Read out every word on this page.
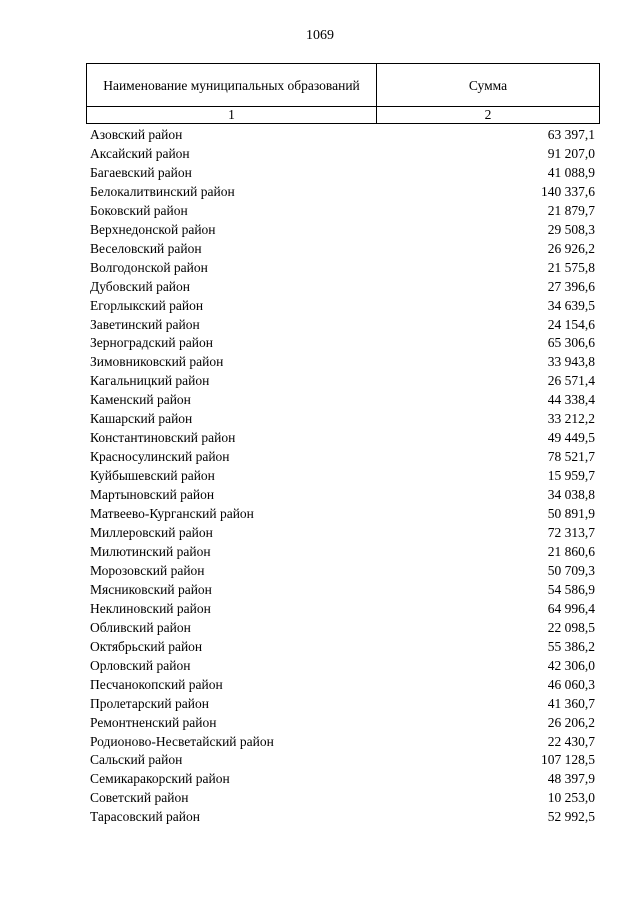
1069
Наименование муниципальных образований	Сумма
1	2
Азовский район	63 397,1
Аксайский район	91 207,0
Багаевский район	41 088,9
Белокалитвинский район	140 337,6
Боковский район	21 879,7
Верхнедонской район	29 508,3
Веселовский район	26 926,2
Волгодонской район	21 575,8
Дубовский район	27 396,6
Егорлыкский район	34 639,5
Заветинский район	24 154,6
Зерноградский район	65 306,6
Зимовниковский район	33 943,8
Кагальницкий район	26 571,4
Каменский район	44 338,4
Кашарский район	33 212,2
Константиновский район	49 449,5
Красносулинский район	78 521,7
Куйбышевский район	15 959,7
Мартыновский район	34 038,8
Матвеево-Курганский район	50 891,9
Миллеровский район	72 313,7
Милютинский район	21 860,6
Морозовский район	50 709,3
Мясниковский район	54 586,9
Неклиновский район	64 996,4
Обливский район	22 098,5
Октябрьский район	55 386,2
Орловский район	42 306,0
Песчанокопский район	46 060,3
Пролетарский район	41 360,7
Ремонтненский район	26 206,2
Родионово-Несветайский район	22 430,7
Сальский район	107 128,5
Семикаракорский район	48 397,9
Советский район	10 253,0
Тарасовский район	52 992,5
